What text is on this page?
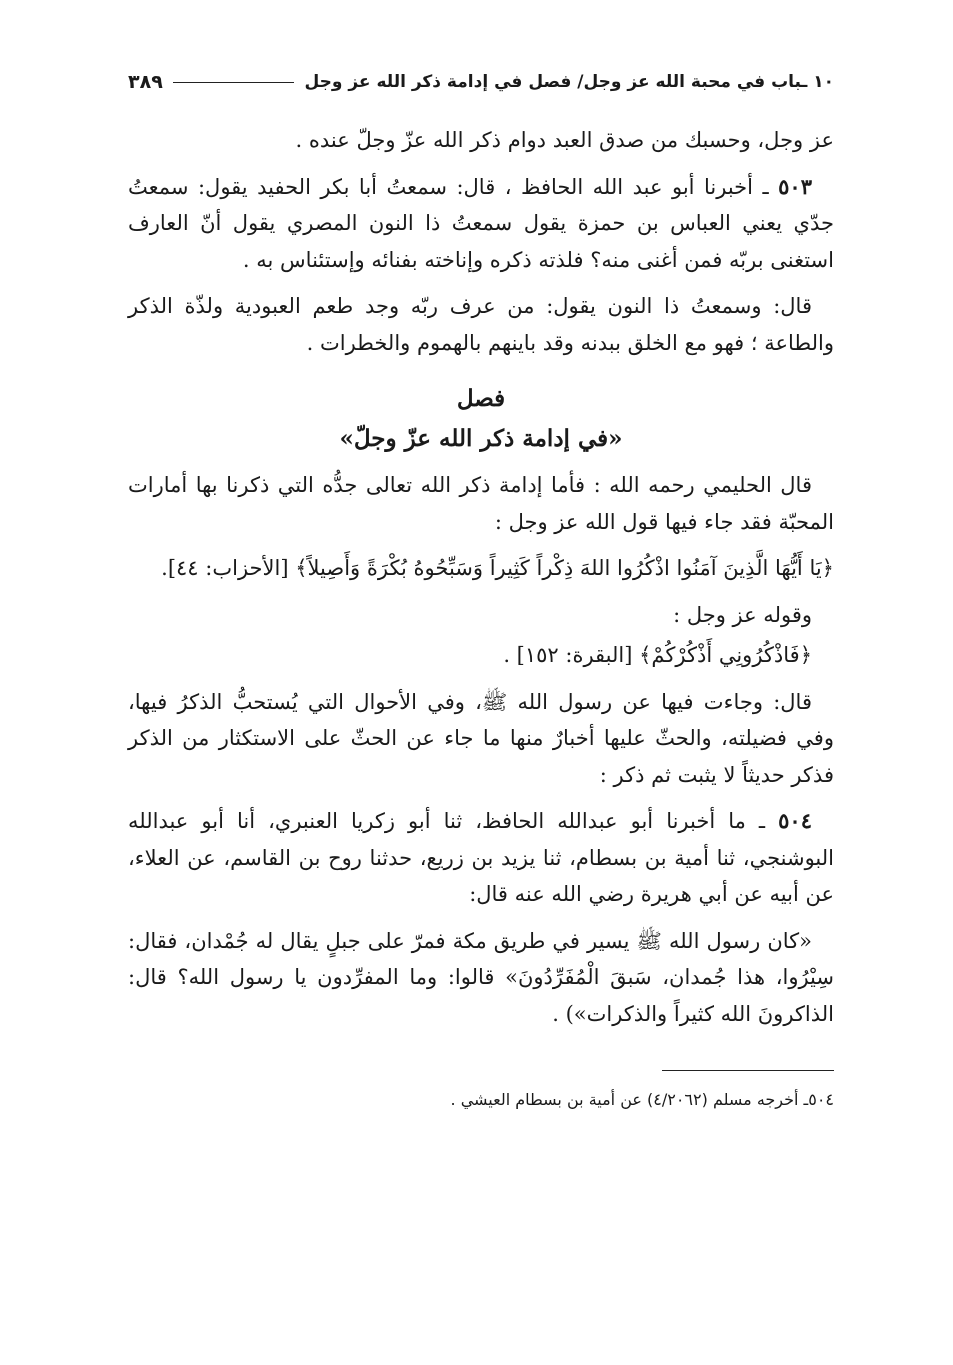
١٠ ـباب في محبة الله عز وجل/ فصل في إدامة ذكر الله عز وجل
٣٨٩

عز وجل، وحسبك من صدق العبد دوام ذكر الله عزّ وجلّ عنده .

٥٠٣ ـ أخبرنا أبو عبد الله الحافظ ، قال: سمعتُ أبا بكر الحفيد يقول: سمعتُ جدّي يعني العباس بن حمزة يقول سمعتُ ذا النون المصري يقول أنّ العارف استغنى بربّه فمن أغنى منه؟ فلذته ذكره وإناخته بفنائه وإستئناس به .

قال: وسمعتُ ذا النون يقول: من عرف ربّه وجد طعم العبودية ولذّة الذكر والطاعة ؛ فهو مع الخلق ببدنه وقد باينهم بالهموم والخطرات .

فصل
«في إدامة ذكر الله عزّ وجلّ»

قال الحليمي رحمه الله : فأما إدامة ذكر الله تعالى جدُّه التي ذكرنا بها أمارات المحبّة فقد جاء فيها قول الله عز وجل :

﴿يَا أَيُّهَا الَّذِينَ آمَنُوا اذْكُرُوا اللهَ ذِكْراً كَثِيراً وَسَبِّحُوهُ بُكْرَةً وَأَصِيلاً﴾ [الأحزاب: ٤٤].

وقوله عز وجل :

﴿فَاذْكُرُونِي أَذْكُرْكُمْ﴾ [البقرة: ١٥٢] .

قال: وجاءت فيها عن رسول الله ﷺ، وفي الأحوال التي يُستحبُّ الذكرُ فيها، وفي فضيلته، والحثّ عليها أخبارٌ منها ما جاء عن الحثّ على الاستكثار من الذكر فذكر حديثاً لا يثبت ثم ذكر :

٥٠٤ ـ ما أخبرنا أبو عبدالله الحافظ، ثنا أبو زكريا العنبري، أنا أبو عبدالله البوشنجي، ثنا أمية بن بسطام، ثنا يزيد بن زريع، حدثنا روح بن القاسم، عن العلاء، عن أبيه عن أبي هريرة رضي الله عنه قال:

«كان رسول الله ﷺ يسير في طريق مكة فمرّ على جبلٍ يقال له جُمْدان، فقال: سِيْرُوا، هذا جُمدان، سَبقَ الْمُفَرِّدُونَ» قالوا: وما المفرِّدون يا رسول الله؟ قال: الذاكرونَ الله كثيراً والذكرات») .

٥٠٤ـ أخرجه مسلم (٤/٢٠٦٢) عن أمية بن بسطام العيشي .
